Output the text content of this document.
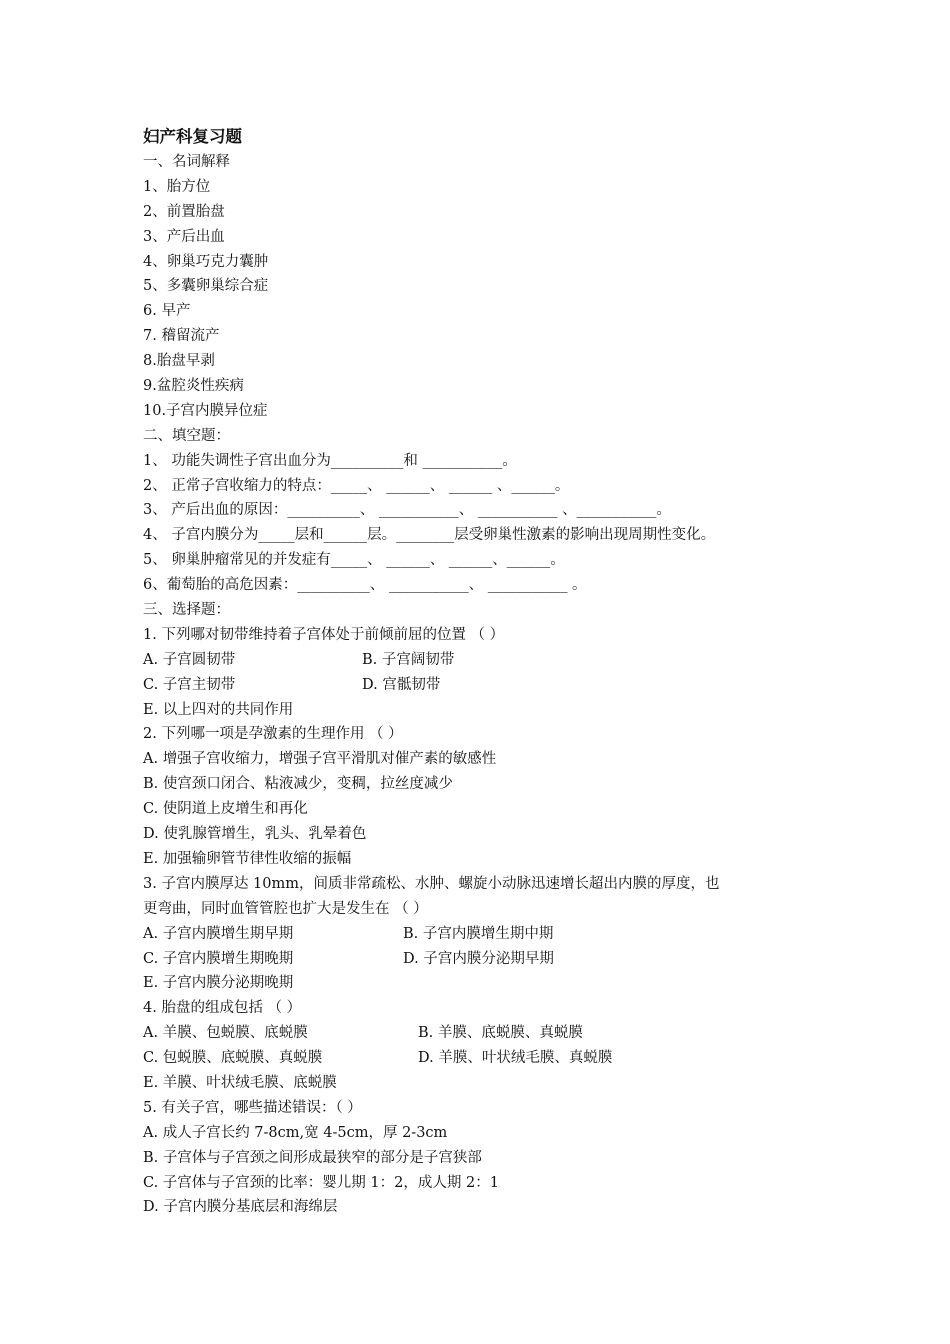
妇产科复习题
一、名词解释
1、胎方位
2、前置胎盘
3、产后出血
4、卵巢巧克力囊肿
5、多囊卵巢综合症
6. 早产
7. 稽留流产
8.胎盘早剥
9.盆腔炎性疾病
10.子宫内膜异位症
二、填空题：
1、 功能失调性子宫出血分为__________和 ___________。
2、 正常子宫收缩力的特点：_____、 ______、 ______ 、______。
3、 产后出血的原因：__________、 ___________、 ___________ 、___________。
4、 子宫内膜分为_____层和______层。________层受卵巢性激素的影响出现周期性变化。
5、 卵巢肿瘤常见的并发症有_____、 ______、 ______、______。
6、葡萄胎的高危因素：__________、 ___________、 ___________ 。
三、选择题：
1. 下列哪对韧带维持着子宫体处于前倾前屈的位置 （ ）
A. 子宫圆韧带	B. 子宫阔韧带
C. 子宫主韧带	D. 宫骶韧带
E. 以上四对的共同作用
2. 下列哪一项是孕激素的生理作用 （ ）
A. 增强子宫收缩力，增强子宫平滑肌对催产素的敏感性
B. 使宫颈口闭合、粘液减少，变稠，拉丝度减少
C. 使阴道上皮增生和再化
D. 使乳腺管增生，乳头、乳晕着色
E. 加强输卵管节律性收缩的振幅
3. 子宫内膜厚达 10mm，间质非常疏松、水肿、螺旋小动脉迅速增长超出内膜的厚度，也
更弯曲，同时血管管腔也扩大是发生在 （ ）
A. 子宫内膜增生期早期	B. 子宫内膜增生期中期
C. 子宫内膜增生期晚期	D. 子宫内膜分泌期早期
E. 子宫内膜分泌期晚期
4. 胎盘的组成包括 （ ）
A. 羊膜、包蜕膜、底蜕膜	B. 羊膜、底蜕膜、真蜕膜
C. 包蜕膜、底蜕膜、真蜕膜	D. 羊膜、叶状绒毛膜、真蜕膜
E. 羊膜、叶状绒毛膜、底蜕膜
5. 有关子宫，哪些描述错误：（ ）
A. 成人子宫长约 7-8cm,宽 4-5cm，厚 2-3cm
B. 子宫体与子宫颈之间形成最狭窄的部分是子宫狭部
C. 子宫体与子宫颈的比率：婴儿期 1：2，成人期 2：1
D. 子宫内膜分基底层和海绵层
